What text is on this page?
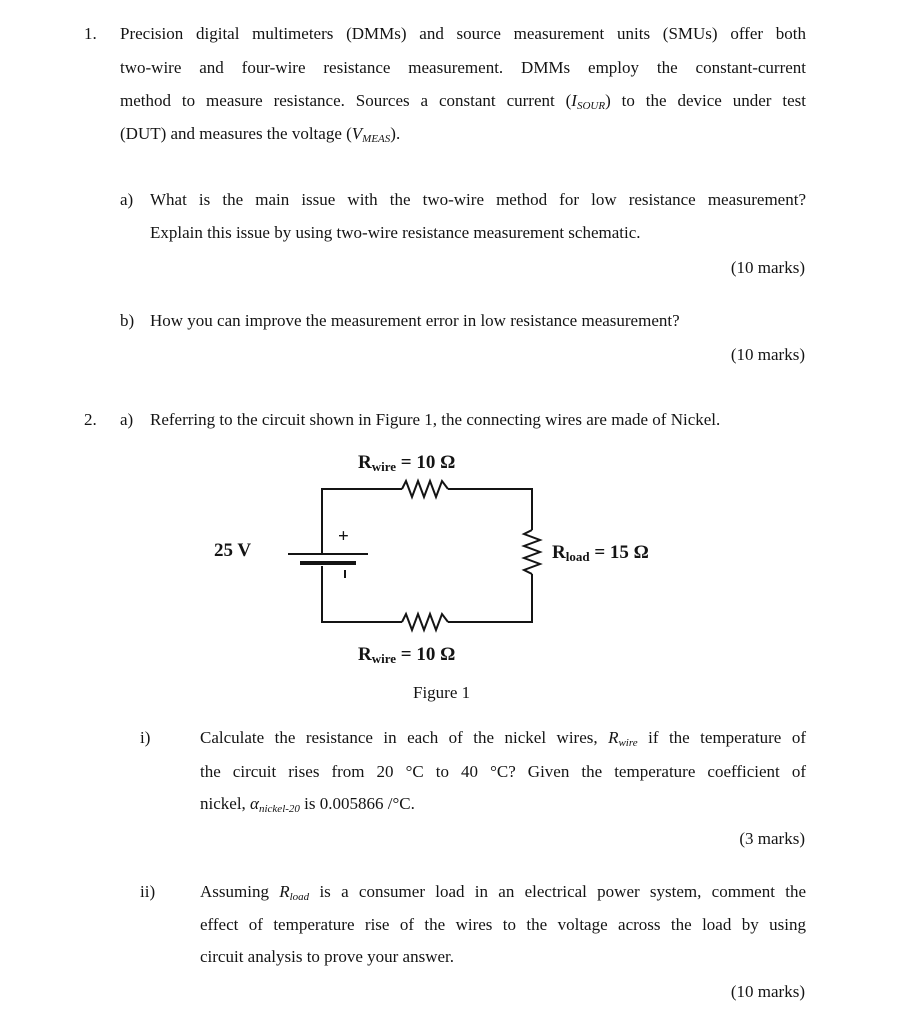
1. Precision digital multimeters (DMMs) and source measurement units (SMUs) offer both
two-wire and four-wire resistance measurement. DMMs employ the constant-current
method to measure resistance. Sources a constant current $(I_{SOUR})$ to the device under test
(DUT) and measures the voltage $(V_{MEAS})$.
a) What is the main issue with the two-wire method for low resistance measurement?
Explain this issue by using two-wire resistance measurement schematic.
(10 marks)
b) How you can improve the measurement error in low resistance measurement?
(10 marks)
2. a) Referring to the circuit shown in Figure 1, the connecting wires are made of Nickel.
+
25 V
$R_{wire} = 10$ Ω
$R_{load} = 15$ Ω
$R_{wire} = 10$ Ω
Figure 1
i)	Calculate the resistance in each of the nickel wires, $R_{wire}$ if the temperature of
the circuit rises from 20 °C to 40 °C? Given the temperature coefficient of
nickel, $\alpha_{nickel-20}$ is 0.005866 /°C.
(3 marks)
ii)	Assuming $R_{load}$ is a consumer load in an electrical power system, comment the
effect of temperature rise of the wires to the voltage across the load by using
circuit analysis to prove your answer.
(10 marks)
